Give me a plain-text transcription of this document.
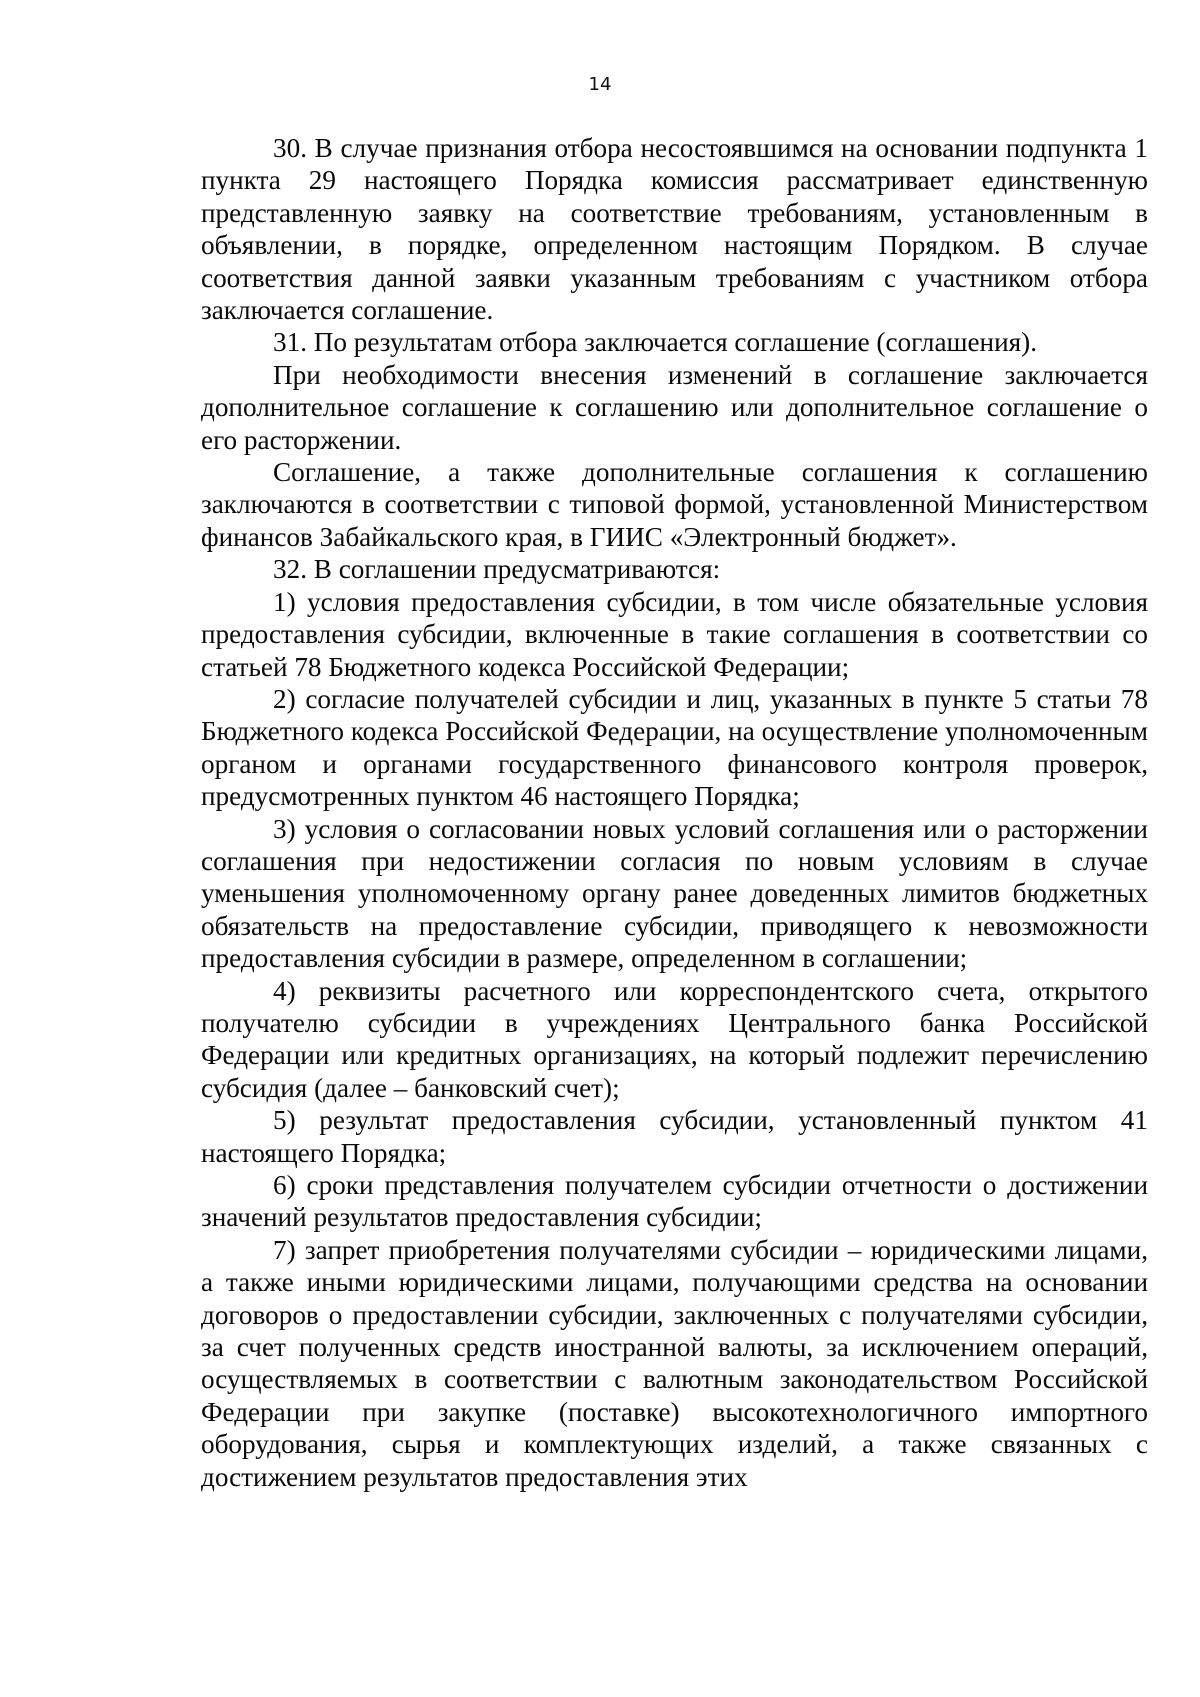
14

30. В случае признания отбора несостоявшимся на основании подпункта 1 пункта 29 настоящего Порядка комиссия рассматривает единственную представленную заявку на соответствие требованиям, установленным в объявлении, в порядке, определенном настоящим Порядком. В случае соответствия данной заявки указанным требованиям с участником отбора заключается соглашение.

31. По результатам отбора заключается соглашение (соглашения).

При необходимости внесения изменений в соглашение заключается дополнительное соглашение к соглашению или дополнительное соглашение о его расторжении.

Соглашение, а также дополнительные соглашения к соглашению заключаются в соответствии с типовой формой, установленной Министерством финансов Забайкальского края, в ГИИС «Электронный бюджет».

32. В соглашении предусматриваются:

1) условия предоставления субсидии, в том числе обязательные условия предоставления субсидии, включенные в такие соглашения в соответствии со статьей 78 Бюджетного кодекса Российской Федерации;

2) согласие получателей субсидии и лиц, указанных в пункте 5 статьи 78 Бюджетного кодекса Российской Федерации, на осуществление уполномоченным органом и органами государственного финансового контроля проверок, предусмотренных пунктом 46 настоящего Порядка;

3) условия о согласовании новых условий соглашения или о расторжении соглашения при недостижении согласия по новым условиям в случае уменьшения уполномоченному органу ранее доведенных лимитов бюджетных обязательств на предоставление субсидии, приводящего к невозможности предоставления субсидии в размере, определенном в соглашении;

4) реквизиты расчетного или корреспондентского счета, открытого получателю субсидии в учреждениях Центрального банка Российской Федерации или кредитных организациях, на который подлежит перечислению субсидия (далее – банковский счет);

5) результат предоставления субсидии, установленный пунктом 41 настоящего Порядка;

6) сроки представления получателем субсидии отчетности о достижении значений результатов предоставления субсидии;

7) запрет приобретения получателями субсидии – юридическими лицами, а также иными юридическими лицами, получающими средства на основании договоров о предоставлении субсидии, заключенных с получателями субсидии, за счет полученных средств иностранной валюты, за исключением операций, осуществляемых в соответствии с валютным законодательством Российской Федерации при закупке (поставке) высокотехнологичного импортного оборудования, сырья и комплектующих изделий, а также связанных с достижением результатов предоставления этих
